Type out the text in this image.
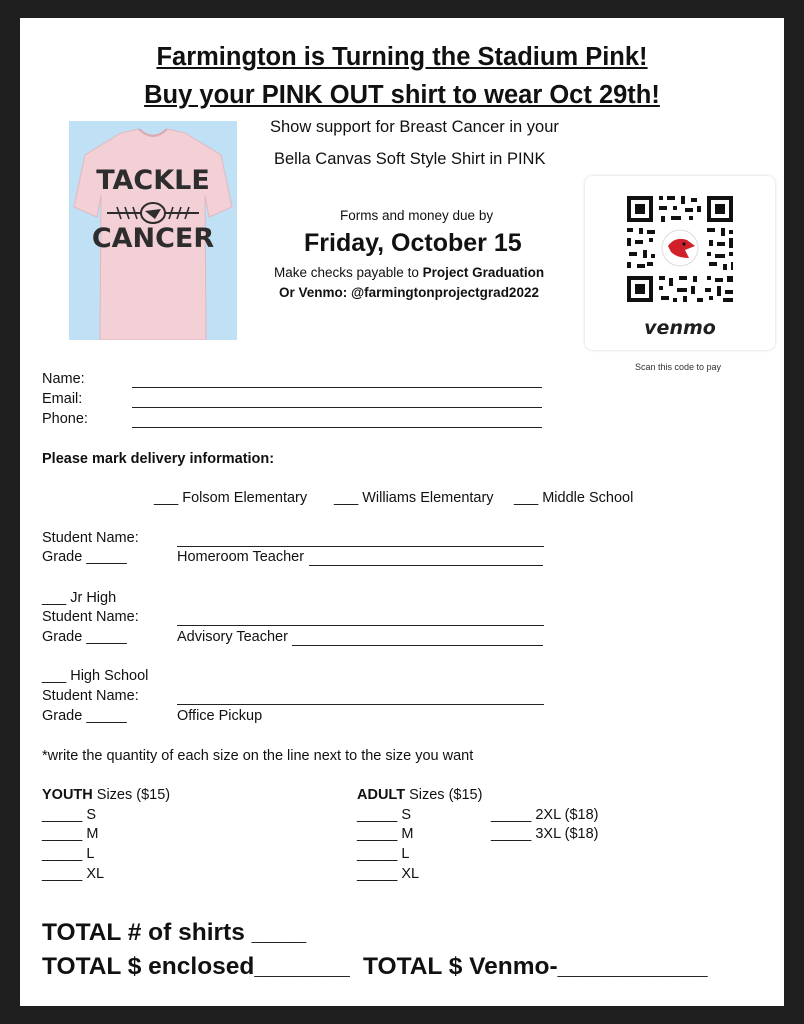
Farmington is Turning the Stadium Pink!
Buy your PINK OUT shirt to wear Oct 29th!
TACKLE
CANCER
Show support for Breast Cancer in your
Bella Canvas Soft Style Shirt in PINK
Forms and money due by
Friday, October 15
Make checks payable to Project Graduation
Or Venmo: @farmingtonprojectgrad2022
venmo
Scan this code to pay
Name:
Email:
Phone:
Please mark delivery information:
___ Folsom Elementary ___ Williams Elementary ___ Middle School
Student Name:
Grade _____	Homeroom Teacher
___ Jr High
Student Name:
Grade _____	Advisory Teacher
___ High School
Student Name:
Grade _____	Office Pickup
*write the quantity of each size on the line next to the size you want
YOUTH Sizes ($15)
_____ S
_____ M
_____ L
_____ XL
ADULT Sizes ($15)
_____ S
_____ M
_____ L
_____ XL
_____ 2XL ($18)
_____ 3XL ($18)
TOTAL # of shirts ____
TOTAL $ enclosed_______ TOTAL $ Venmo-___________
